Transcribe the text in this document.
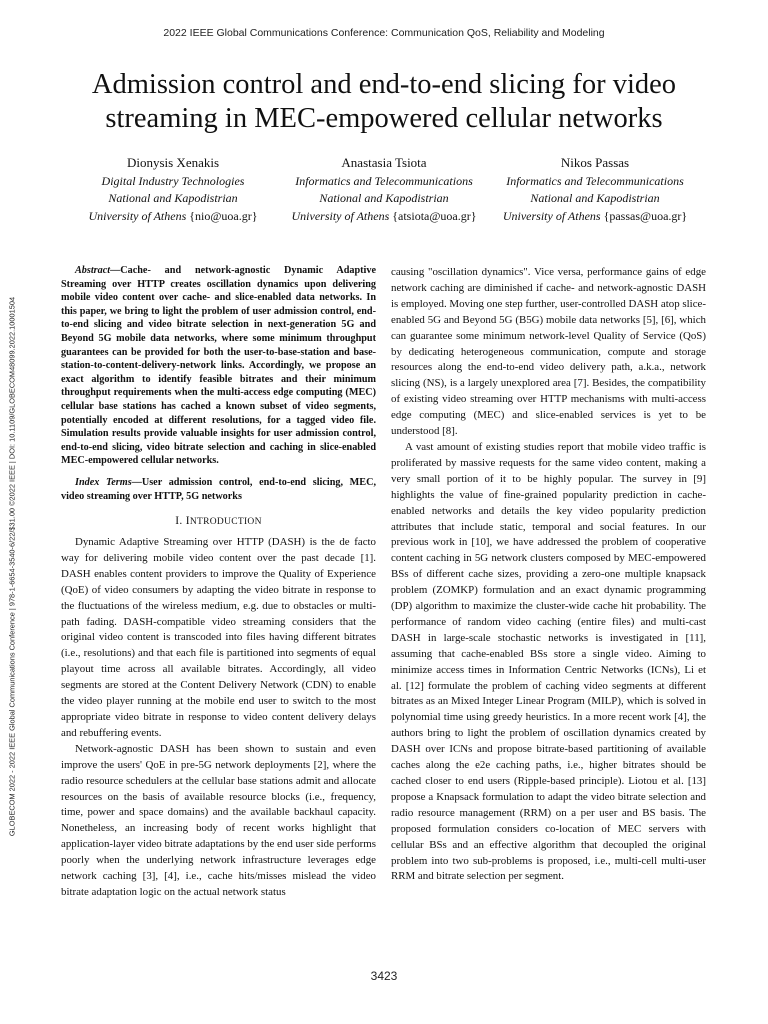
2022 IEEE Global Communications Conference: Communication QoS, Reliability and Modeling
Admission control and end-to-end slicing for video streaming in MEC-empowered cellular networks
Dionysis Xenakis
Digital Industry Technologies
National and Kapodistrian
University of Athens {nio@uoa.gr}
Anastasia Tsiota
Informatics and Telecommunications
National and Kapodistrian
University of Athens {atsiota@uoa.gr}
Nikos Passas
Informatics and Telecommunications
National and Kapodistrian
University of Athens {passas@uoa.gr}
GLOBECOM 2022 - 2022 IEEE Global Communications Conference | 978-1-6654-3540-6/22/$31.00 ©2022 IEEE | DOI: 10.1109/GLOBECOM48099.2022.10001504

Abstract—Cache- and network-agnostic Dynamic Adaptive Streaming over HTTP creates oscillation dynamics upon delivering mobile video content over cache- and slice-enabled data networks. In this paper, we bring to light the problem of user admission control, end-to-end slicing and video bitrate selection in next-generation 5G and Beyond 5G mobile data networks, where some minimum throughput guarantees can be provided for both the user-to-base-station and base-station-to-content-delivery-network links. Accordingly, we propose an exact algorithm to identify feasible bitrates and their minimum throughput requirements when the multi-access edge computing (MEC) cellular base stations has cached a known subset of video segments, potentially encoded at different resolutions, for a tagged video file. Simulation results provide valuable insights for user admission control, end-to-end slicing, video bitrate selection and caching in slice-enabled MEC-empowered cellular networks.

Index Terms—User admission control, end-to-end slicing, MEC, video streaming over HTTP, 5G networks

I. INTRODUCTION

Dynamic Adaptive Streaming over HTTP (DASH) is the de facto way for delivering mobile video content over the past decade [1]. DASH enables content providers to improve the Quality of Experience (QoE) of video consumers by adapting the video bitrate in response to the fluctuations of the wireless medium, e.g. due to obstacles or multi-path fading. DASH-compatible video streaming considers that the original video content is transcoded into files having different bitrates (i.e., resolutions) and that each file is partitioned into segments of equal playout time across all available bitrates. Accordingly, all video segments are stored at the Content Delivery Network (CDN) to enable the video player running at the mobile end user to switch to the most appropriate video bitrate in response to video content delivery delays and rebuffering events.

Network-agnostic DASH has been shown to sustain and even improve the users' QoE in pre-5G network deployments [2], where the radio resource schedulers at the cellular base stations admit and allocate resources on the basis of available resource blocks (i.e., frequency, time, power and space domains) and the available backhaul capacity. Nonetheless, an increasing body of recent works highlight that application-layer video bitrate adaptations by the end user side performs poorly when the underlying network infrastructure leverages edge network caching [3], [4], i.e., cache hits/misses mislead the video bitrate adaptation logic on the actual network status

causing "oscillation dynamics". Vice versa, performance gains of edge network caching are diminished if cache- and network-agnostic DASH is employed. Moving one step further, user-controlled DASH atop slice-enabled 5G and Beyond 5G (B5G) mobile data networks [5], [6], which can guarantee some minimum network-level Quality of Service (QoS) by dedicating heterogeneous communication, compute and storage resources along the end-to-end video delivery path, a.k.a., network slicing (NS), is a largely unexplored area [7]. Besides, the compatibility of existing video streaming over HTTP mechanisms with multi-access edge computing (MEC) and slice-enabled services is yet to be understood [8].

A vast amount of existing studies report that mobile video traffic is proliferated by massive requests for the same video content, making a very small portion of it to be highly popular. The survey in [9] highlights the value of fine-grained popularity prediction in cache-enabled networks and details the key video popularity prediction attributes that include static, temporal and social features. In our previous work in [10], we have addressed the problem of cooperative content caching in 5G network clusters composed by MEC-empowered BSs of different cache sizes, providing a zero-one multiple knapsack problem (ZOMKP) formulation and an exact dynamic programming (DP) algorithm to maximize the cluster-wide cache hit probability. The performance of random video caching (entire files) and multi-cast DASH in large-scale stochastic networks is investigated in [11], assuming that cache-enabled BSs store a single video. Aiming to minimize access times in Information Centric Networks (ICNs), Li et al. [12] formulate the problem of caching video segments at different bitrates as an Mixed Integer Linear Program (MILP), which is solved in polynomial time using greedy heuristics. In a more recent work [4], the authors bring to light the problem of oscillation dynamics created by DASH over ICNs and propose bitrate-based partitioning of available caches along the e2e caching paths, i.e., higher bitrates should be cached closer to end users (Ripple-based principle). Liotou et al. [13] propose a Knapsack formulation to adapt the video bitrate selection and radio resource management (RRM) on a per user and BS basis. The proposed formulation considers co-location of MEC servers with cellular BSs and an effective algorithm that decoupled the original problem into two sub-problems is proposed, i.e., multi-cell multi-user RRM and bitrate selection per segment.

3423
